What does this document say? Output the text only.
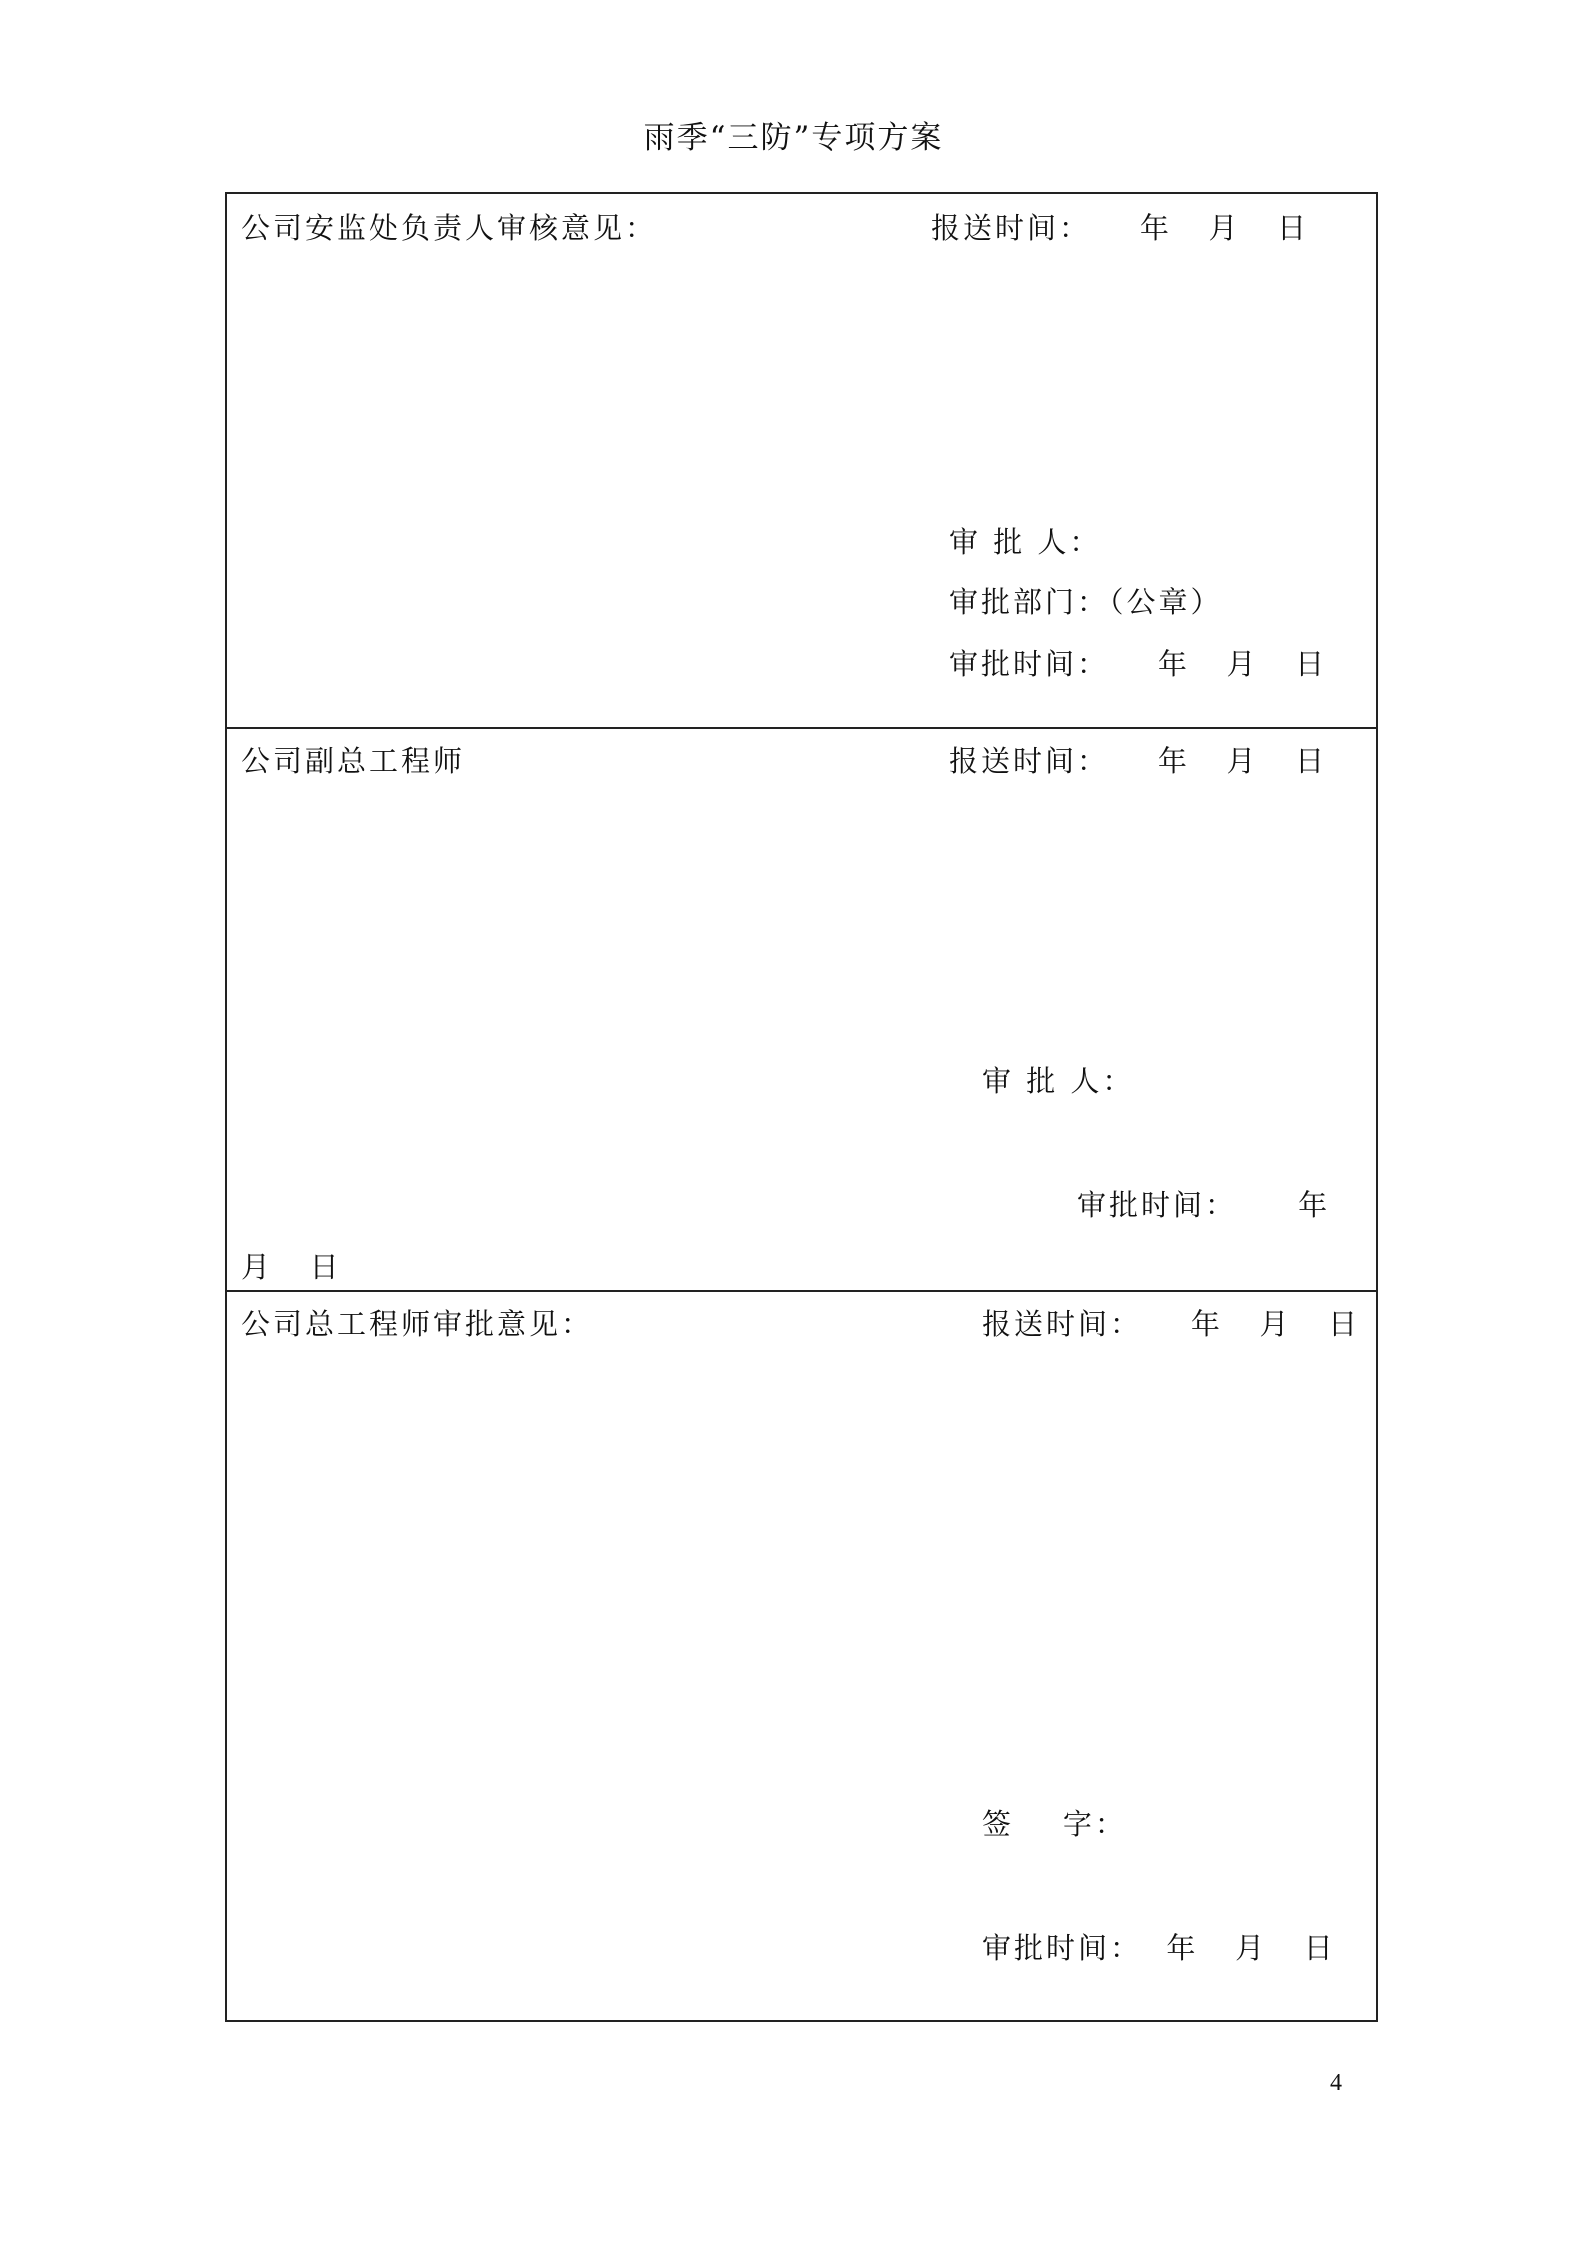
雨季“三防”专项方案
公司安监处负责人审核意见：	报送时间：    年   月   日
审 批 人：
审批部门：（公章）
审批时间：    年   月   日
公司副总工程师	报送时间：    年   月   日
审 批 人：
审批时间：     年
月   日
公司总工程师审批意见：	报送时间：    年   月   日
签    字：
审批时间：  年   月   日
4
